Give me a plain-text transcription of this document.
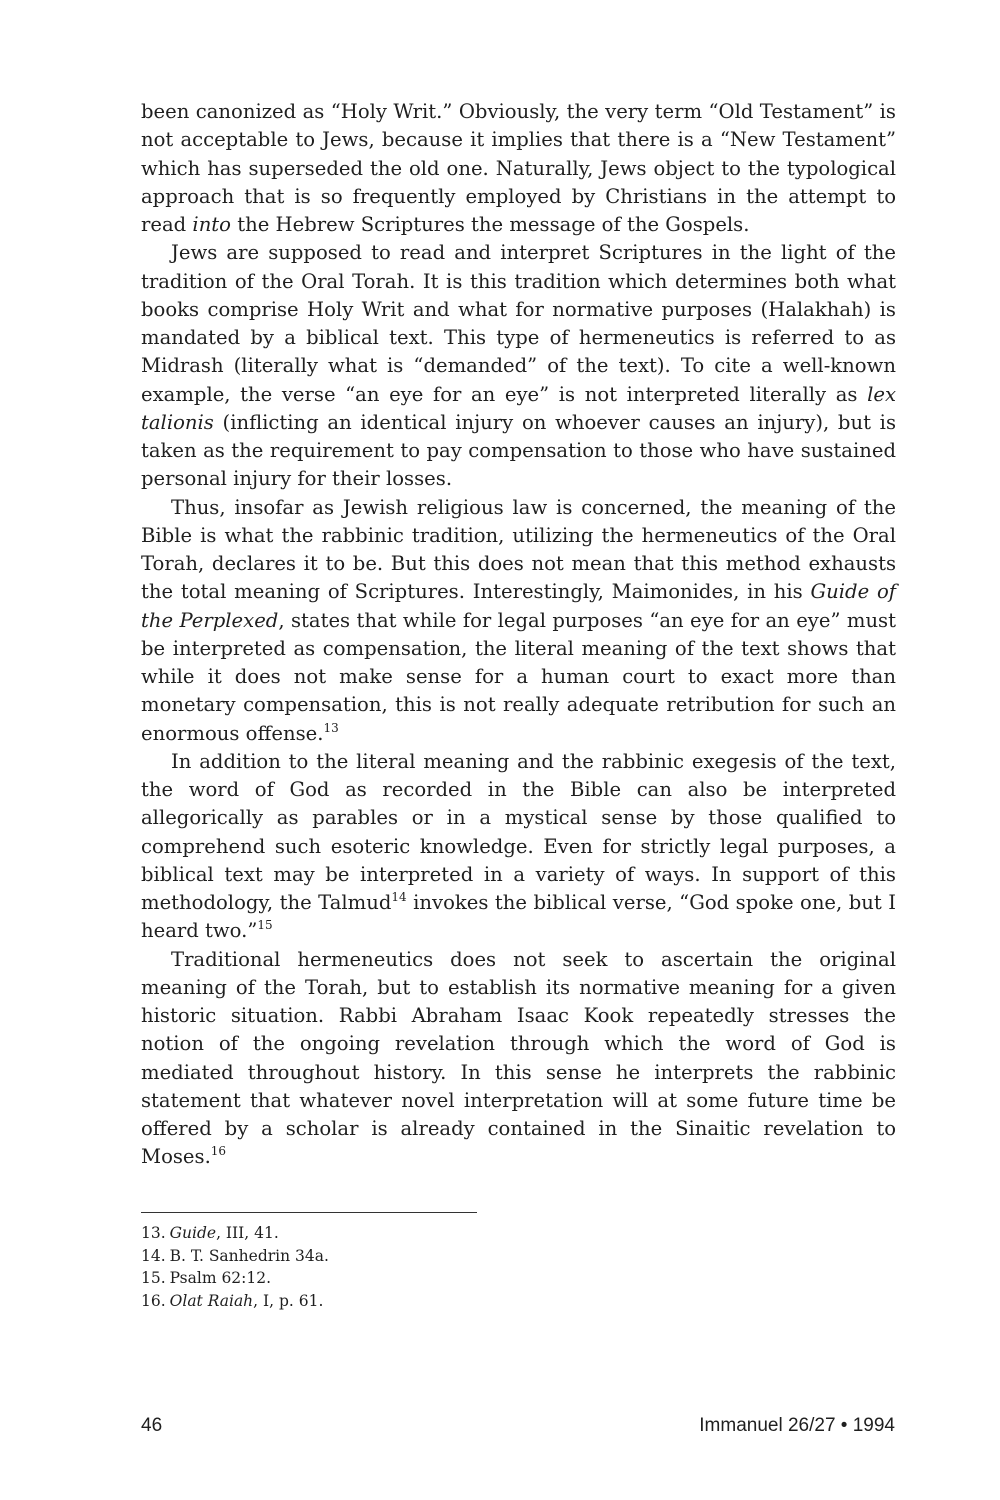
been canonized as “Holy Writ.” Obviously, the very term “Old Testament” is not acceptable to Jews, because it implies that there is a “New Testament” which has superseded the old one. Naturally, Jews object to the typological approach that is so frequently employed by Christians in the attempt to read into the Hebrew Scriptures the message of the Gospels.

Jews are supposed to read and interpret Scriptures in the light of the tradition of the Oral Torah. It is this tradition which determines both what books comprise Holy Writ and what for normative purposes (Halakhah) is mandated by a biblical text. This type of hermeneutics is referred to as Midrash (literally what is “demanded” of the text). To cite a well-known example, the verse “an eye for an eye” is not interpreted literally as lex talionis (inflicting an identical injury on whoever causes an injury), but is taken as the requirement to pay compensation to those who have sustained personal injury for their losses.

Thus, insofar as Jewish religious law is concerned, the meaning of the Bible is what the rabbinic tradition, utilizing the hermeneutics of the Oral Torah, declares it to be. But this does not mean that this method exhausts the total meaning of Scriptures. Interestingly, Maimonides, in his Guide of the Perplexed, states that while for legal purposes “an eye for an eye” must be interpreted as compensation, the literal meaning of the text shows that while it does not make sense for a human court to exact more than monetary compensation, this is not really adequate retribution for such an enormous offense.$^{13}$

In addition to the literal meaning and the rabbinic exegesis of the text, the word of God as recorded in the Bible can also be interpreted allegorically as parables or in a mystical sense by those qualified to comprehend such esoteric knowledge. Even for strictly legal purposes, a biblical text may be interpreted in a variety of ways. In support of this methodology, the Talmud$^{14}$ invokes the biblical verse, “God spoke one, but I heard two.”$^{15}$

Traditional hermeneutics does not seek to ascertain the original meaning of the Torah, but to establish its normative meaning for a given historic situation. Rabbi Abraham Isaac Kook repeatedly stresses the notion of the ongoing revelation through which the word of God is mediated throughout history. In this sense he interprets the rabbinic statement that whatever novel interpretation will at some future time be offered by a scholar is already contained in the Sinaitic revelation to Moses.$^{16}$

13. Guide, III, 41.

14. B. T. Sanhedrin 34a.

15. Psalm 62:12.

16. Olat Raiah, I, p. 61.

46	Immanuel 26/27 • 1994
